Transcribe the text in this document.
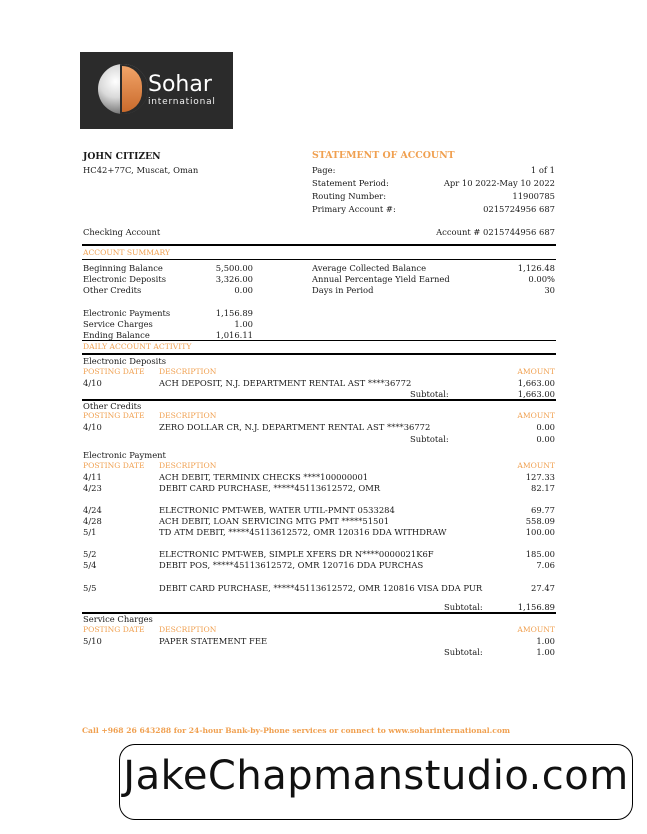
Sohar
international
JOHN CITIZEN
HC42+77C, Muscat, Oman
STATEMENT OF ACCOUNT
Page:	1 of 1
Statement Period:	Apr 10 2022-May 10 2022
Routing Number:	11900785
Primary Account #:	0215724956 687
Checking Account	Account # 0215744956 687
ACCOUNT SUMMARY
Beginning Balance	5,500.00
Electronic Deposits	3,326.00
Other Credits	0.00
Electronic Payments	1,156.89
Service Charges	1.00
Ending Balance	1,016.11
Average Collected Balance	1,126.48
Annual Percentage Yield Earned	0.00%
Days in Period	30
DAILY ACCOUNT ACTIVITY
Electronic Deposits
POSTING DATE DESCRIPTION	AMOUNT
4/10	ACH DEPOSIT, N.J. DEPARTMENT RENTAL AST ****36772	1,663.00
Subtotal:	1,663.00
Other Credits
POSTING DATE DESCRIPTION	AMOUNT
4/10	ZERO DOLLAR CR, N.J. DEPARTMENT RENTAL AST ****36772	0.00
Subtotal:	0.00
Electronic Payment
POSTING DATE DESCRIPTION	AMOUNT
4/11	ACH DEBIT, TERMINIX CHECKS ****100000001	127.33
4/23	DEBIT CARD PURCHASE, *****45113612572, OMR	82.17
4/24	ELECTRONIC PMT-WEB, WATER UTIL-PMNT 0533284	69.77
4/28	ACH DEBIT, LOAN SERVICING MTG PMT *****51501	558.09
5/1	TD ATM DEBIT, *****45113612572, OMR 120316 DDA WITHDRAW	100.00
5/2	ELECTRONIC PMT-WEB, SIMPLE XFERS DR N****0000021K6F	185.00
5/4	DEBIT POS, *****45113612572, OMR 120716 DDA PURCHAS	7.06
5/5	DEBIT CARD PURCHASE, *****45113612572, OMR 120816 VISA DDA PUR	27.47
Subtotal:	1,156.89
Service Charges
POSTING DATE DESCRIPTION	AMOUNT
5/10	PAPER STATEMENT FEE	1.00
Subtotal:	1.00
Call +968 26 643288 for 24-hour Bank-by-Phone services or connect to www.soharinternational.com
JakeChapmanstudio.com
